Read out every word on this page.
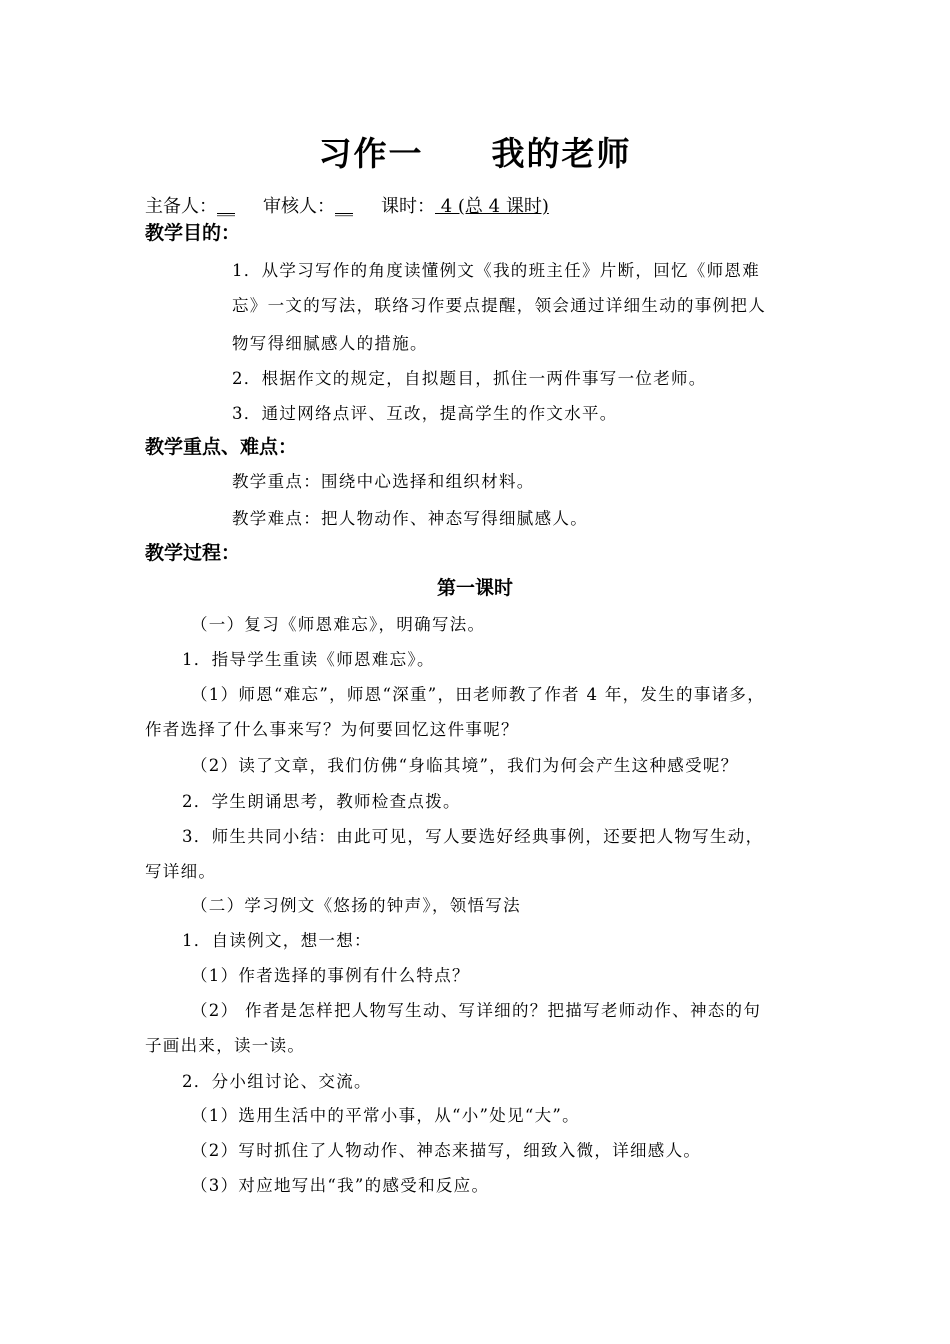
习作一 我的老师
主备人：__ 审核人：__ 课时： 4 (总 4 课时)
教学目的：
1．从学习写作的角度读懂例文《我的班主任》片断，回忆《师恩难
忘》一文的写法，联络习作要点提醒，领会通过详细生动的事例把人
物写得细腻感人的措施。
2．根据作文的规定，自拟题目，抓住一两件事写一位老师。
3．通过网络点评、互改，提高学生的作文水平。
教学重点、难点：
教学重点：围绕中心选择和组织材料。
教学难点：把人物动作、神态写得细腻感人。
教学过程：
第一课时
（一）复习《师恩难忘》，明确写法。
1．指导学生重读《师恩难忘》。
（1）师恩“难忘”，师恩“深重”，田老师教了作者 4 年，发生的事诸多，
作者选择了什么事来写？为何要回忆这件事呢？
（2）读了文章，我们仿佛“身临其境”，我们为何会产生这种感受呢？
2．学生朗诵思考，教师检查点拨。
3．师生共同小结：由此可见，写人要选好经典事例，还要把人物写生动，
写详细。
（二）学习例文《悠扬的钟声》，领悟写法
1．自读例文，想一想：
（1）作者选择的事例有什么特点？
（2） 作者是怎样把人物写生动、写详细的？把描写老师动作、神态的句
子画出来，读一读。
2．分小组讨论、交流。
（1）选用生活中的平常小事，从“小”处见“大”。
（2）写时抓住了人物动作、神态来描写，细致入微，详细感人。
（3）对应地写出“我”的感受和反应。
